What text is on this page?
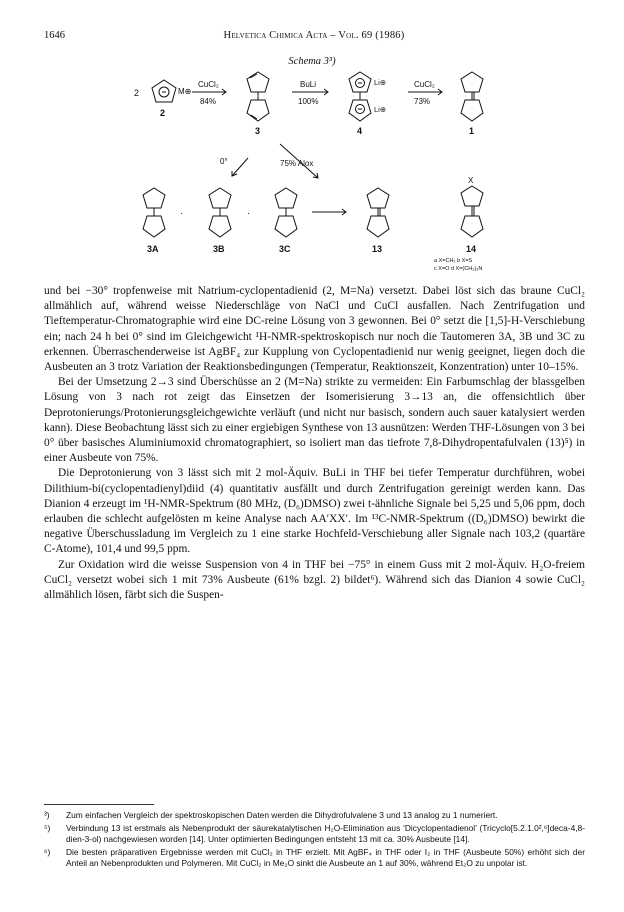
1646	Helvetica Chimica Acta – Vol. 69 (1986)
Schema 3³)
2	M⊕
CuCl₂
84%
BuLi
100%
Li⊕
Li⊕
CuCl₂
73%
2
3	4	1
0°	75% Alox
·	·
X
3A	3B	3C	13	14
a X=CH₂ b X=S
c X=O d X=(CH₃)₂N

und bei −30° tropfenweise mit Natrium-cyclopentadienid (2, M=Na) versetzt. Dabei löst sich das braune CuCl₂ allmählich auf, während weisse Niederschläge von NaCl und CuCl ausfallen. Nach Zentrifugation und Tieftemperatur-Chromatographie wird eine DC-reine Lösung von 3 gewonnen. Bei 0° setzt die [1,5]-H-Verschiebung ein; nach 24 h bei 0° sind im Gleichgewicht ¹H-NMR-spektroskopisch nur noch die Tautomeren 3A, 3B und 3C zu erkennen. Überraschenderweise ist AgBF₄ zur Kupplung von Cyclopentadienid nur wenig geeignet, liegen doch die Ausbeuten an 3 trotz Variation der Reaktionsbedingungen (Temperatur, Reaktionszeit, Konzentration) unter 10–15%.

Bei der Umsetzung 2→3 sind Überschüsse an 2 (M=Na) strikte zu vermeiden: Ein Farbumschlag der blassgelben Lösung von 3 nach rot zeigt das Einsetzen der Isomerisierung 3→13 an, die offensichtlich über Deprotonierungs/Protonierungsgleichgewichte verläuft (und nicht nur basisch, sondern auch sauer katalysiert werden kann). Diese Beobachtung lässt sich zu einer ergiebigen Synthese von 13 ausnützen: Werden THF-Lösungen von 3 bei 0° über basisches Aluminiumoxid chromatographiert, so isoliert man das tiefrote 7,8-Dihydropentafulvalen (13)⁵) in einer Ausbeute von 75%.

Die Deprotonierung von 3 lässt sich mit 2 mol-Äquiv. BuLi in THF bei tiefer Temperatur durchführen, wobei Dilithium-bi(cyclopentadienyl)diid (4) quantitativ ausfällt und durch Zentrifugation gereinigt werden kann. Das Dianion 4 erzeugt im ¹H-NMR-Spektrum (80 MHz, (D₆)DMSO) zwei t-ähnliche Signale bei 5,25 und 5,06 ppm, doch erlauben die schlecht aufgelösten m keine Analyse nach AA′XX′. Im ¹³C-NMR-Spektrum ((D₆)DMSO) bewirkt die negative Überschussladung im Vergleich zu 1 eine starke Hochfeld-Verschiebung aller Signale nach 103,2 (quartäre C-Atome), 101,4 und 99,5 ppm.

Zur Oxidation wird die weisse Suspension von 4 in THF bei −75° in einem Guss mit 2 mol-Äquiv. H₂O-freiem CuCl₂ versetzt wobei sich 1 mit 73% Ausbeute (61% bzgl. 2) bildet⁶). Während sich das Dianion 4 sowie CuCl₂ allmählich lösen, färbt sich die Suspen-

³) Zum einfachen Vergleich der spektroskopischen Daten werden die Dihydrofulvalene 3 und 13 analog zu 1 numeriert.
⁵) Verbindung 13 ist erstmals als Nebenprodukt der säurekatalytischen H₂O-Elimination aus ‘Dicyclopentadienol’ (Tricyclo[5.2.1.0²,⁶]deca-4,8-dien-3-ol) nachgewiesen worden [14]. Unter optimierten Bedingungen entsteht 13 mit ca. 30% Ausbeute [14].
⁶) Die besten präparativen Ergebnisse werden mit CuCl₂ in THF erzielt. Mit AgBF₄ in THF oder I₂ in THF (Ausbeute 50%) erhöht sich der Anteil an Nebenprodukten und Polymeren. Mit CuCl₂ in Me₂O sinkt die Ausbeute an 1 auf 30%, während Et₂O zu unpolar ist.
